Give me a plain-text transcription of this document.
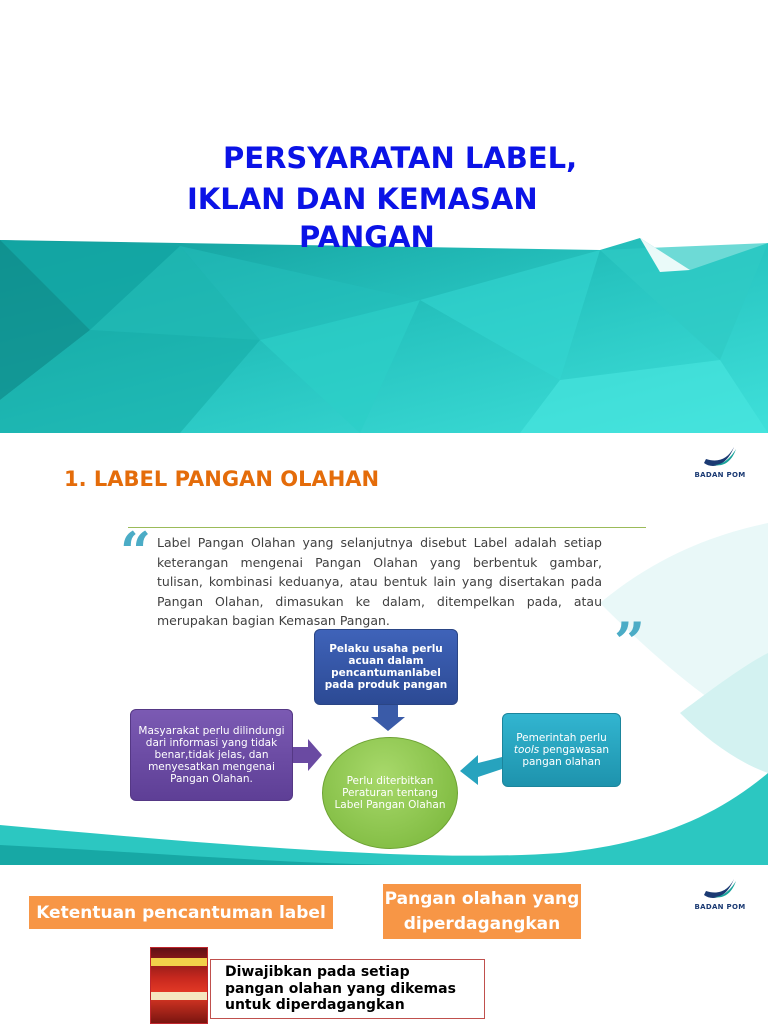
PERSYARATAN LABEL,
IKLAN DAN KEMASAN
PANGAN
BADAN POM
1. LABEL PANGAN OLAHAN
“ Label Pangan Olahan yang selanjutnya disebut Label adalah setiap keterangan mengenai Pangan Olahan yang berbentuk gambar, tulisan, kombinasi keduanya, atau bentuk lain yang disertakan pada Pangan Olahan, dimasukan ke dalam, ditempelkan pada, atau merupakan bagian Kemasan Pangan.	”
Pelaku usaha perlu acuan dalam pencantumanlabel pada produk pangan
Masyarakat perlu dilindungi dari informasi yang tidak benar,tidak jelas, dan menyesatkan mengenai Pangan Olahan.
Pemerintah perlu tools pengawasan pangan olahan
Perlu diterbitkan Peraturan tentang Label Pangan Olahan
BADAN POM
Ketentuan pencantuman label
Pangan olahan yang diperdagangkan
Diwajibkan pada setiap pangan olahan yang dikemas untuk diperdagangkan
